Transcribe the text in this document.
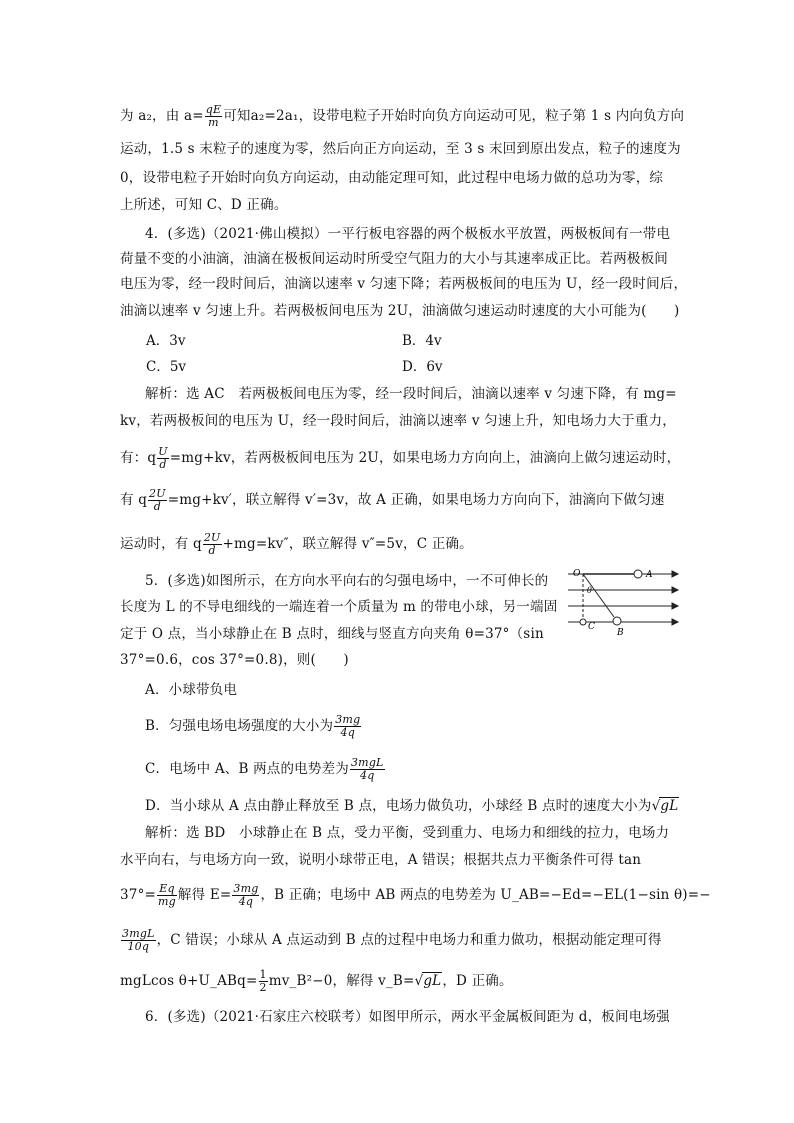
为 a₂，由 $a= \frac{qE}{m}$ 可知a₂=2a₁，设带电粒子开始时向负方向运动可见，粒子第 1 s 内向负方向
运动，1.5 s 末粒子的速度为零，然后向正方向运动，至 3 s 末回到原出发点，粒子的速度为
0，设带电粒子开始时向负方向运动，由动能定理可知，此过程中电场力做的总功为零，综
上所述，可知 C、D 正确。
4．(多选)（2021·佛山模拟）一平行板电容器的两个极板水平放置，两极板间有一带电
荷量不变的小油滴，油滴在极板间运动时所受空气阻力的大小与其速率成正比。若两极板间
电压为零，经一段时间后，油滴以速率 v 匀速下降；若两极板间的电压为 U，经一段时间后，
油滴以速率 v 匀速上升。若两极板间电压为 2U，油滴做匀速运动时速度的大小可能为(　　)
A．3v	B．4v
C．5v	D．6v
解析：选 AC　若两极板间电压为零，经一段时间后，油滴以速率 v 匀速下降，有 mg=
kv，若两极板间的电压为 U，经一段时间后，油滴以速率 v 匀速上升，知电场力大于重力，
有：q $\frac{U}{d} =mg+kv$，若两极板间电压为 2U，如果电场力方向向上，油滴向上做匀速运动时，
有 q $\frac{2U}{d} =mg+kv'$，联立解得 v′=3v，故 A 正确，如果电场力方向向下，油滴向下做匀速
运动时，有 q $\frac{2U}{d} +mg=kv''$，联立解得 v″=5v，C 正确。
5．(多选)如图所示，在方向水平向右的匀强电场中，一不可伸长的
长度为 L 的不导电细线的一端连着一个质量为 m 的带电小球，另一端固
定于 O 点，当小球静止在 B 点时，细线与竖直方向夹角 θ=37°（sin
37°=0.6，cos 37°=0.8)，则(　　)
O	A
B
C
θ
A．小球带负电
B．匀强电场电场强度的大小为 $\frac{3mg}{4q}$
C．电场中 A、B 两点的电势差为 $\frac{\text{3mgL}}{4q}$
D．当小球从 A 点由静止释放至 B 点，电场力做负功，小球经 B 点时的速度大小为√gL
解析：选 BD　小球静止在 B 点，受力平衡，受到重力、电场力和细线的拉力，电场力
水平向右，与电场方向一致，说明小球带正电，A 错误；根据共点力平衡条件可得 tan
$37^\circ= \frac{Eq}{mg}$ 解得 $E= \frac{3mg}{4q}$ ，B 正确；电场中 AB 两点的电势差为 U_AB=−Ed=−EL(1−sin θ)=−
$\frac{\text{3mgL}}{10q}$ ，C 错误；小球从 A 点运动到 B 点的过程中电场力和重力做功，根据动能定理可得
mgLcos θ+U_ABq= $\frac{1}{2}$ mv_B²−0，解得 v_B=√gL，D 正确。
6．(多选)（2021·石家庄六校联考）如图甲所示，两水平金属板间距为 d，板间电场强
